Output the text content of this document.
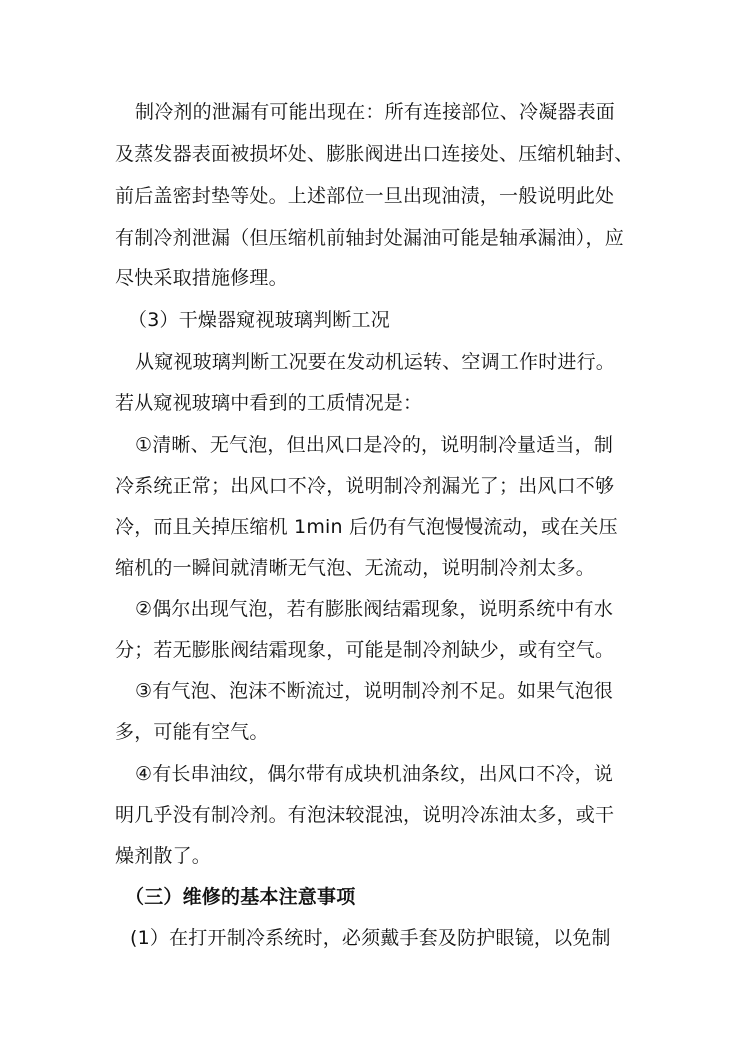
制冷剂的泄漏有可能出现在：所有连接部位、冷凝器表面
及蒸发器表面被损坏处、膨胀阀进出口连接处、压缩机轴封、
前后盖密封垫等处。上述部位一旦出现油渍，一般说明此处
有制冷剂泄漏（但压缩机前轴封处漏油可能是轴承漏油），应
尽快采取措施修理。
（3）干燥器窥视玻璃判断工况
从窥视玻璃判断工况要在发动机运转、空调工作时进行。
若从窥视玻璃中看到的工质情况是：
①清晰、无气泡，但出风口是冷的，说明制冷量适当，制
冷系统正常；出风口不冷，说明制冷剂漏光了；出风口不够
冷，而且关掉压缩机 1min 后仍有气泡慢慢流动，或在关压
缩机的一瞬间就清晰无气泡、无流动，说明制冷剂太多。
②偶尔出现气泡，若有膨胀阀结霜现象，说明系统中有水
分；若无膨胀阀结霜现象，可能是制冷剂缺少，或有空气。
③有气泡、泡沫不断流过，说明制冷剂不足。如果气泡很
多，可能有空气。
④有长串油纹，偶尔带有成块机油条纹，出风口不冷，说
明几乎没有制冷剂。有泡沫较混浊，说明冷冻油太多，或干
燥剂散了。
（三）维修的基本注意事项
(1）在打开制冷系统时，必须戴手套及防护眼镜，以免制
